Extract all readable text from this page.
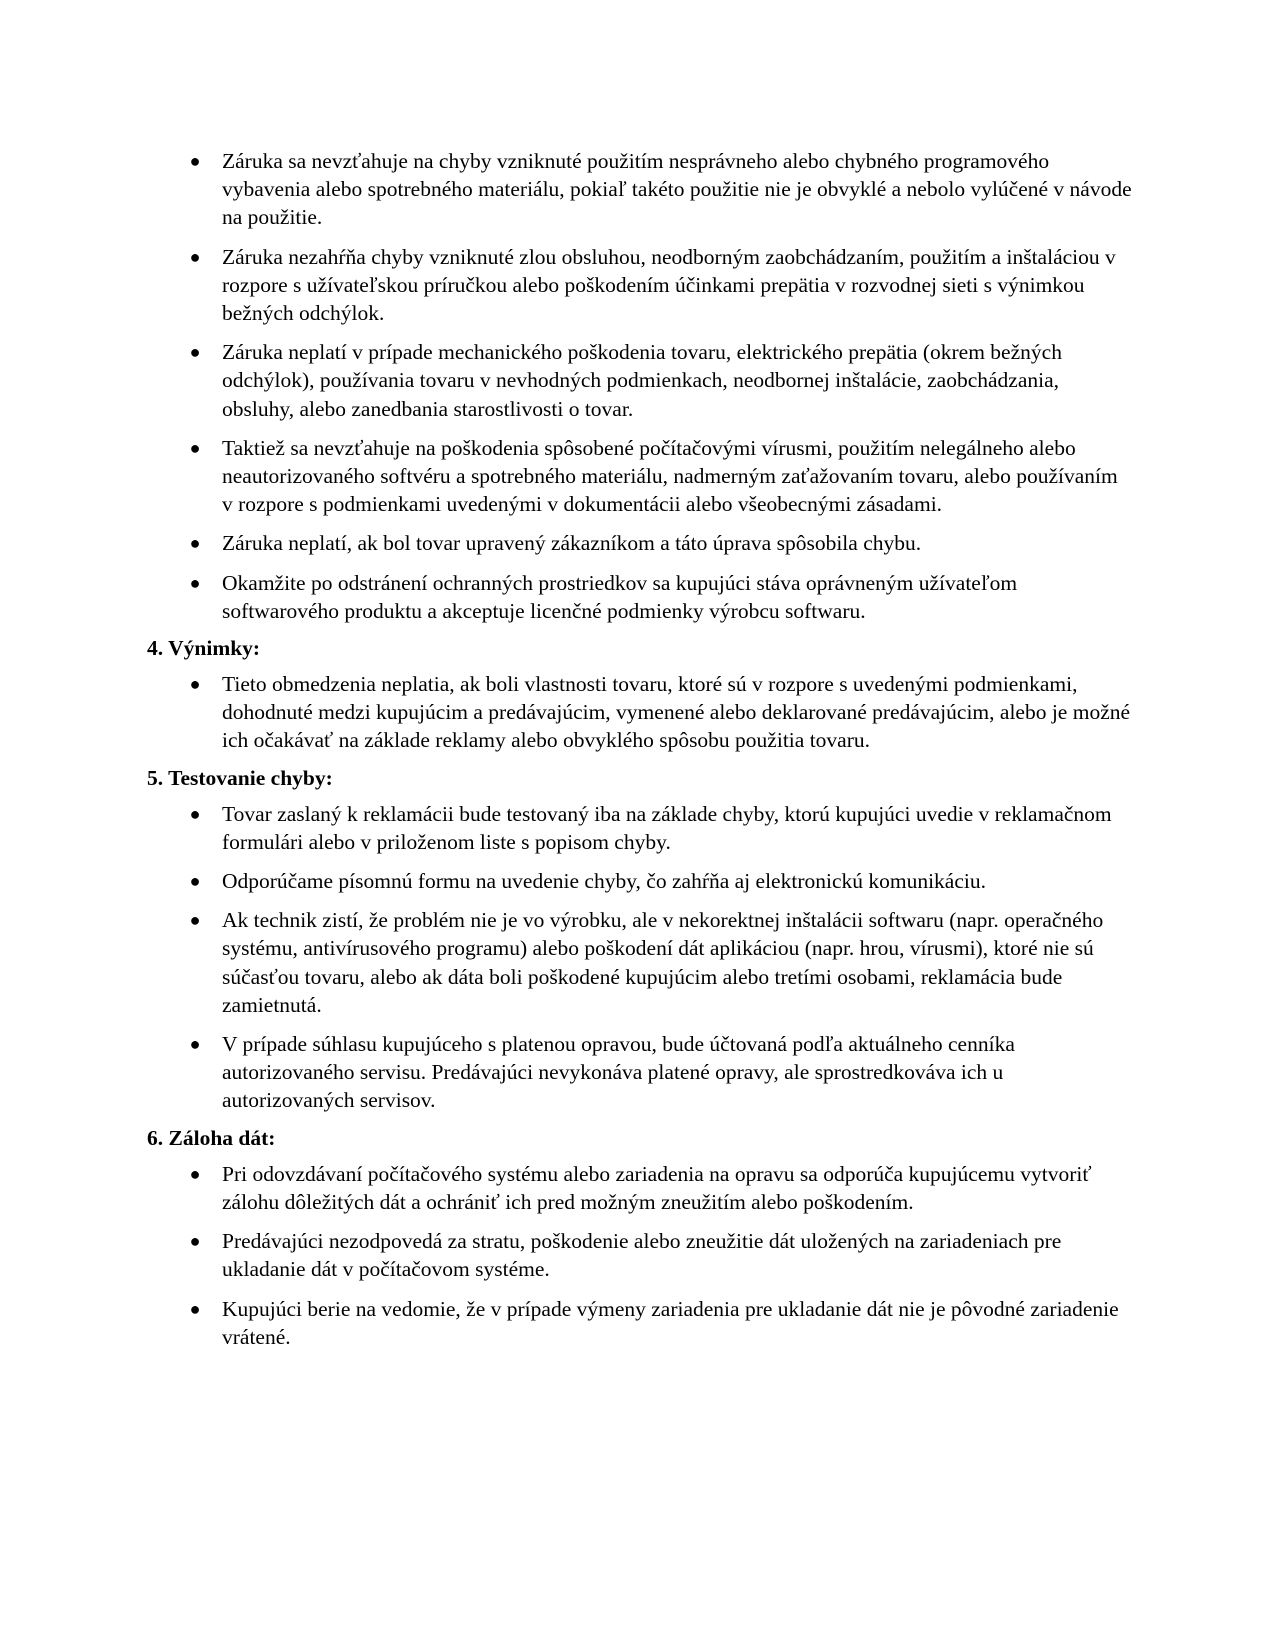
● Záruka sa nevzťahuje na chyby vzniknuté použitím nesprávneho alebo chybného programového vybavenia alebo spotrebného materiálu, pokiaľ takéto použitie nie je obvyklé a nebolo vylúčené v návode na použitie.
● Záruka nezahŕňa chyby vzniknuté zlou obsluhou, neodborným zaobchádzaním, použitím a inštaláciou v rozpore s užívateľskou príručkou alebo poškodením účinkami prepätia v rozvodnej sieti s výnimkou bežných odchýlok.
● Záruka neplatí v prípade mechanického poškodenia tovaru, elektrického prepätia (okrem bežných odchýlok), používania tovaru v nevhodných podmienkach, neodbornej inštalácie, zaobchádzania, obsluhy, alebo zanedbania starostlivosti o tovar.
● Taktiež sa nevzťahuje na poškodenia spôsobené počítačovými vírusmi, použitím nelegálneho alebo neautorizovaného softvéru a spotrebného materiálu, nadmerným zaťažovaním tovaru, alebo používaním v rozpore s podmienkami uvedenými v dokumentácii alebo všeobecnými zásadami.
● Záruka neplatí, ak bol tovar upravený zákazníkom a táto úprava spôsobila chybu.
● Okamžite po odstránení ochranných prostriedkov sa kupujúci stáva oprávneným užívateľom softwarového produktu a akceptuje licenčné podmienky výrobcu softwaru.
4. Výnimky:
● Tieto obmedzenia neplatia, ak boli vlastnosti tovaru, ktoré sú v rozpore s uvedenými podmienkami, dohodnuté medzi kupujúcim a predávajúcim, vymenené alebo deklarované predávajúcim, alebo je možné ich očakávať na základe reklamy alebo obvyklého spôsobu použitia tovaru.
5. Testovanie chyby:
● Tovar zaslaný k reklamácii bude testovaný iba na základe chyby, ktorú kupujúci uvedie v reklamačnom formulári alebo v priloženom liste s popisom chyby.
● Odporúčame písomnú formu na uvedenie chyby, čo zahŕňa aj elektronickú komunikáciu.
● Ak technik zistí, že problém nie je vo výrobku, ale v nekorektnej inštalácii softwaru (napr. operačného systému, antivírusového programu) alebo poškodení dát aplikáciou (napr. hrou, vírusmi), ktoré nie sú súčasťou tovaru, alebo ak dáta boli poškodené kupujúcim alebo tretími osobami, reklamácia bude zamietnutá.
● V prípade súhlasu kupujúceho s platenou opravou, bude účtovaná podľa aktuálneho cenníka autorizovaného servisu. Predávajúci nevykonáva platené opravy, ale sprostredkováva ich u autorizovaných servisov.
6. Záloha dát:
● Pri odovzdávaní počítačového systému alebo zariadenia na opravu sa odporúča kupujúcemu vytvoriť zálohu dôležitých dát a ochrániť ich pred možným zneužitím alebo poškodením.
● Predávajúci nezodpovedá za stratu, poškodenie alebo zneužitie dát uložených na zariadeniach pre ukladanie dát v počítačovom systéme.
● Kupujúci berie na vedomie, že v prípade výmeny zariadenia pre ukladanie dát nie je pôvodné zariadenie vrátené.
